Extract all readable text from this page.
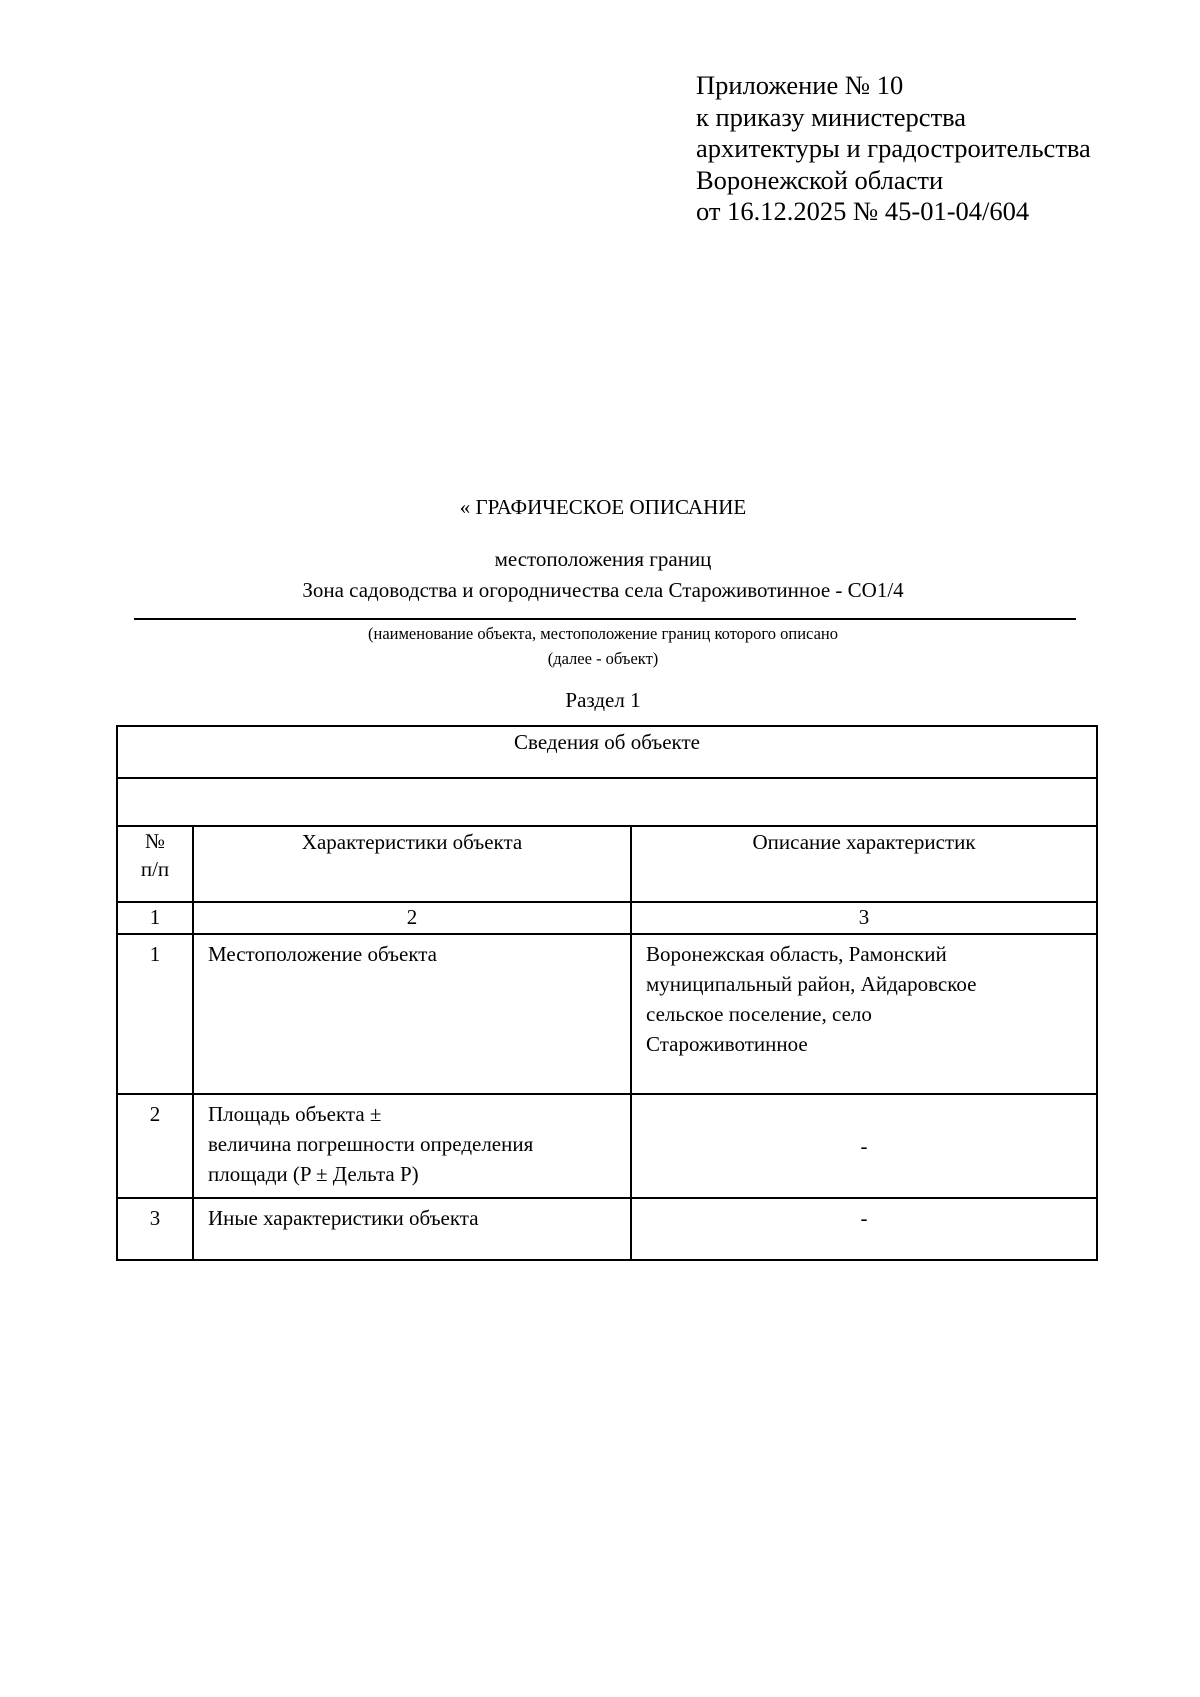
Приложение № 10
к приказу министерства
архитектуры и градостроительства
Воронежской области
от 16.12.2025 № 45-01-04/604
« ГРАФИЧЕСКОЕ ОПИСАНИЕ
местоположения границ
Зона садоводства и огородничества села Староживотинное - СО1/4
(наименование объекта, местоположение границ которого описано
(далее - объект)
Раздел 1
Сведения об объекте		

№
п/п	Характеристики объекта	Описание характеристик
1	2	3
1	Местоположение объекта	Воронежская область, Рамонский
муниципальный район, Айдаровское
сельское поселение, село
Староживотинное

2	Площадь объекта ±
величина погрешности определения
площади (P ± Дельта P)	-

3	Иные характеристики объекта	-
